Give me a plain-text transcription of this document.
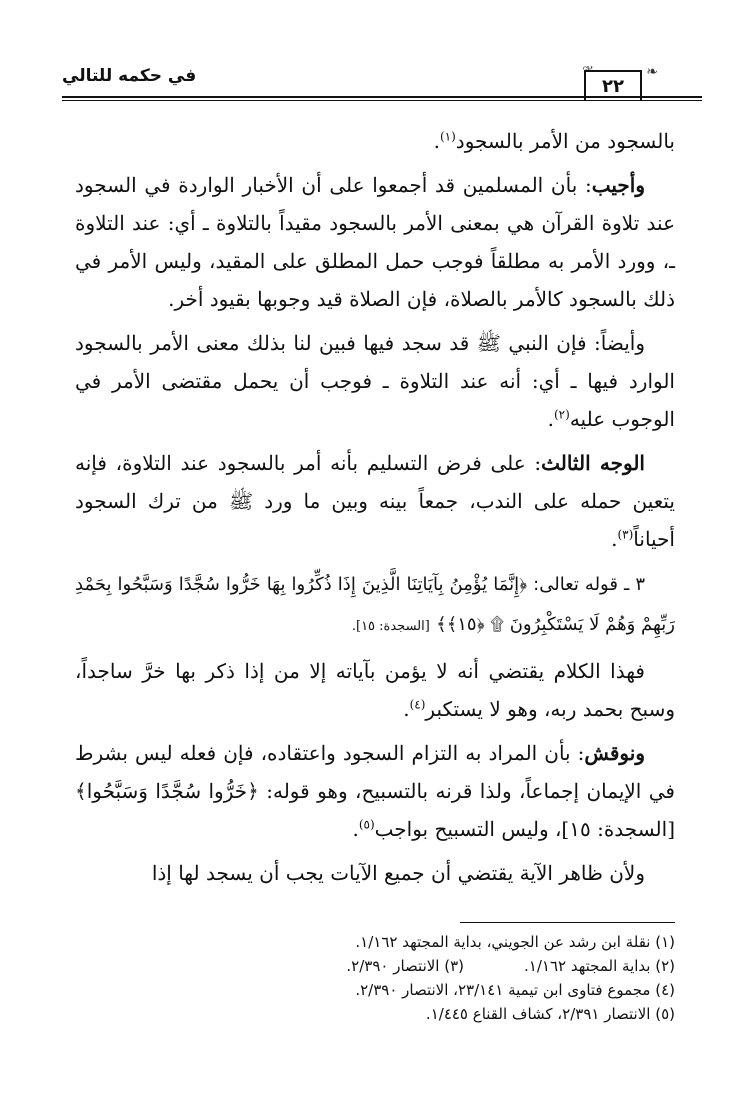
في حكمه للتالي	٢٢
❧

بالسجود من الأمر بالسجود$^{(١)}$.

وأجيب: بأن المسلمين قد أجمعوا على أن الأخبار الواردة في السجود عند تلاوة القرآن هي بمعنى الأمر بالسجود مقيداً بالتلاوة ـ أي: عند التلاوة ـ، وورد الأمر به مطلقاً فوجب حمل المطلق على المقيد، وليس الأمر في ذلك بالسجود كالأمر بالصلاة، فإن الصلاة قيد وجوبها بقيود أخر.

وأيضاً: فإن النبي ﷺ قد سجد فيها فبين لنا بذلك معنى الأمر بالسجود الوارد فيها ـ أي: أنه عند التلاوة ـ فوجب أن يحمل مقتضى الأمر في الوجوب عليه$^{(٢)}$.

الوجه الثالث: على فرض التسليم بأنه أمر بالسجود عند التلاوة، فإنه يتعين حمله على الندب، جمعاً بينه وبين ما ورد ﷺ من ترك السجود أحياناً$^{(٣)}$.

٣ ـ قوله تعالى: ﴿إِنَّمَا يُؤْمِنُ بِآيَاتِنَا الَّذِينَ إِذَا ذُكِّرُوا بِهَا خَرُّوا سُجَّدًا وَسَبَّحُوا بِحَمْدِ رَبِّهِمْ وَهُمْ لَا يَسْتَكْبِرُونَ ۩ ﴿١٥﴾﴾ [السجدة: ١٥].

فهذا الكلام يقتضي أنه لا يؤمن بآياته إلا من إذا ذكر بها خرَّ ساجداً، وسبح بحمد ربه، وهو لا يستكبر$^{(٤)}$.

ونوقش: بأن المراد به التزام السجود واعتقاده، فإن فعله ليس بشرط في الإيمان إجماعاً، ولذا قرنه بالتسبيح، وهو قوله: ﴿خَرُّوا سُجَّدًا وَسَبَّحُوا﴾ [السجدة: ١٥]، وليس التسبيح بواجب$^{(٥)}$.

ولأن ظاهر الآية يقتضي أن جميع الآيات يجب أن يسجد لها إذا

(١) نقلة ابن رشد عن الجويني، بداية المجتهد ١/١٦٢.

(٢) بداية المجتهد ١/١٦٢.(٣) الانتصار ٢/٣٩٠.

(٤) مجموع فتاوى ابن تيمية ٢٣/١٤١، الانتصار ٢/٣٩٠.

(٥) الانتصار ٢/٣٩١، كشاف القناع ١/٤٤٥.
